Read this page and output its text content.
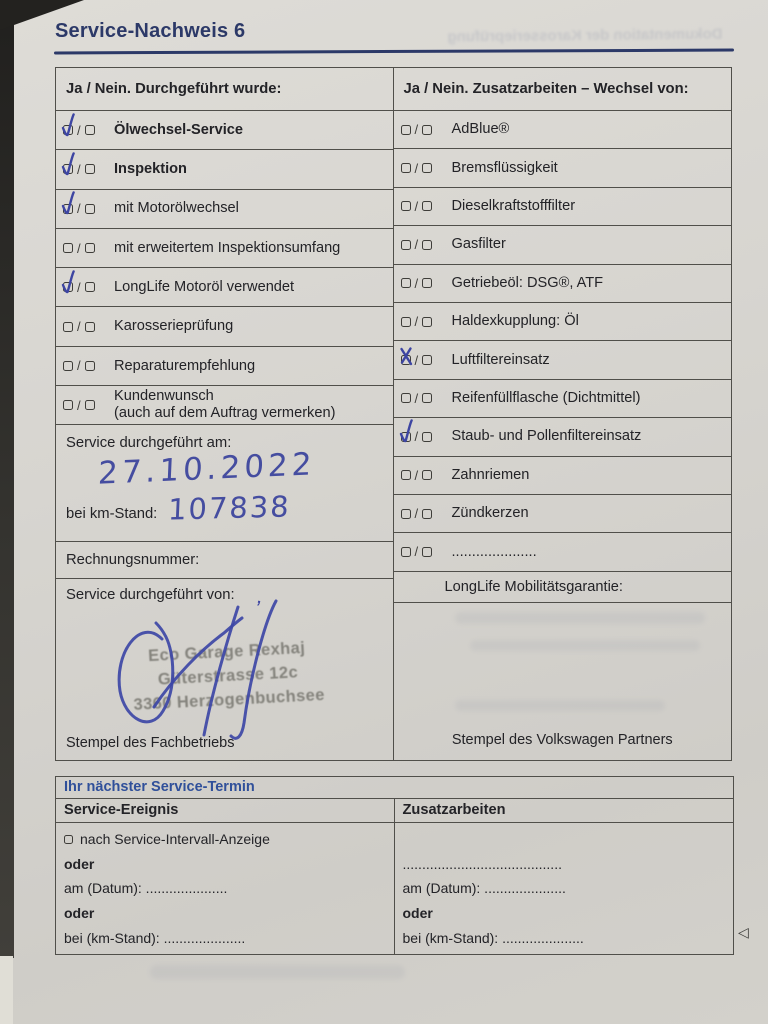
Dokumentation der Karosserieprüfung
Service-Nachweis 6
Ja / Nein. Durchgeführt wurde:
/ Ölwechsel-Service
/ Inspektion
/ mit Motorölwechsel
/ mit erweitertem Inspektionsumfang
/ LongLife Motoröl verwendet
/ Karosserieprüfung
/ Reparaturempfehlung
/
Kundenwunsch
(auch auf dem Auftrag vermerken)
Service durchgeführt am:
27.10.2022
bei km-Stand: 107838
Rechnungsnummer:
Service durchgeführt von: ‚
Eco Garage Rexhaj
Güterstrasse 12c
3360 Herzogenbuchsee
Stempel des Fachbetriebs
Ja / Nein. Zusatzarbeiten – Wechsel von:
/ AdBlue®
/ Bremsflüssigkeit
/ Dieselkraftstofffilter
/ Gasfilter
/ Getriebeöl: DSG®, ATF
/ Haldexkupplung: Öl
/ Luftfiltereinsatz
/ Reifenfüllflasche (Dichtmittel)
/ Staub- und Pollenfiltereinsatz
/ Zahnriemen
/ Zündkerzen
/ .....................
LongLife Mobilitätsgarantie:
Stempel des Volkswagen Partners
Ihr nächster Service-Termin
Service-Ereignis	Zusatzarbeiten
nach Service-Intervall-Anzeige
oder
am (Datum): .....................
oder
bei (km-Stand): .....................
.........................................
am (Datum): .....................
oder
bei (km-Stand): .....................	◁
